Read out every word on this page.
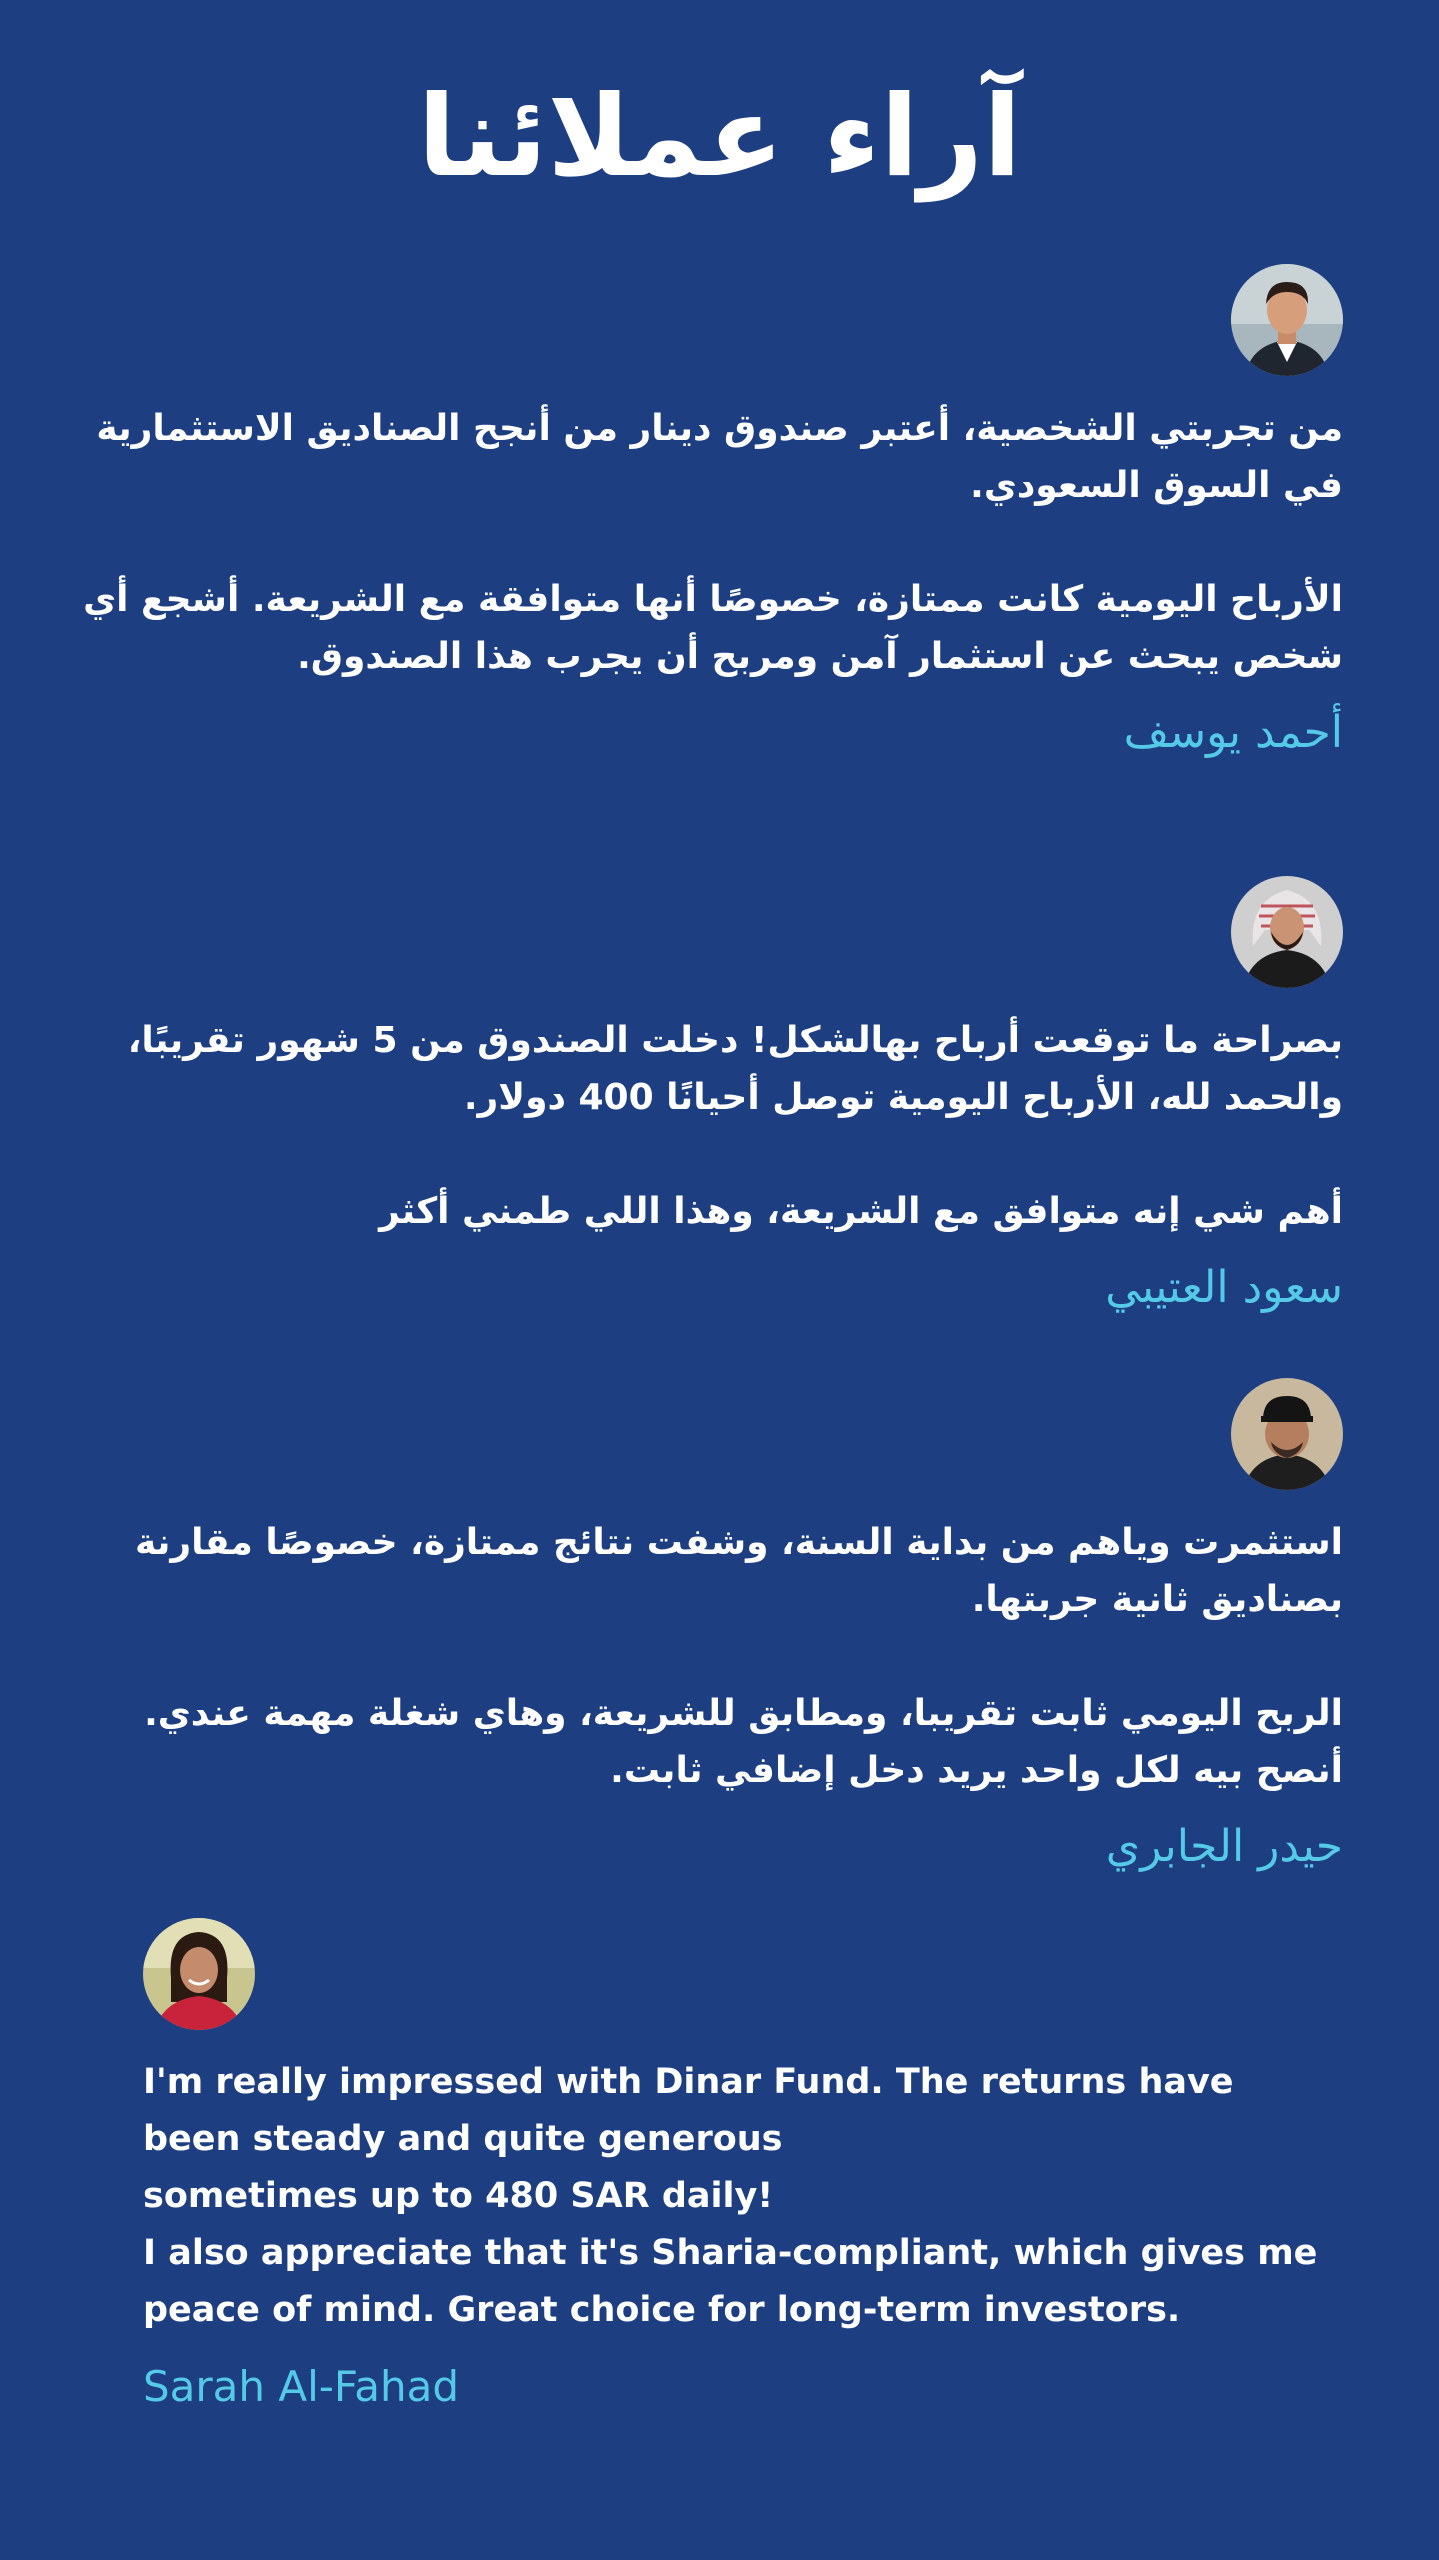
آراء عملائنا

من تجربتي الشخصية، أعتبر صندوق دينار من أنجح الصناديق الاستثمارية في السوق السعودي.

الأرباح اليومية كانت ممتازة، خصوصًا أنها متوافقة مع الشريعة. أشجع أي شخص يبحث عن استثمار آمن ومربح أن يجرب هذا الصندوق.

أحمد يوسف

بصراحة ما توقعت أرباح بهالشكل! دخلت الصندوق من 5 شهور تقريبًا، والحمد لله، الأرباح اليومية توصل أحيانًا 400 دولار.

أهم شي إنه متوافق مع الشريعة، وهذا اللي طمني أكثر

سعود العتيبي

استثمرت وياهم من بداية السنة، وشفت نتائج ممتازة، خصوصًا مقارنة بصناديق ثانية جربتها.

الربح اليومي ثابت تقريبا، ومطابق للشريعة، وهاي شغلة مهمة عندي. أنصح بيه لكل واحد يريد دخل إضافي ثابت.

حيدر الجابري

I'm really impressed with Dinar Fund. The returns have been steady and quite generous

sometimes up to 480 SAR daily!

I also appreciate that it's Sharia-compliant, which gives me peace of mind. Great choice for long-term investors.

Sarah Al-Fahad
